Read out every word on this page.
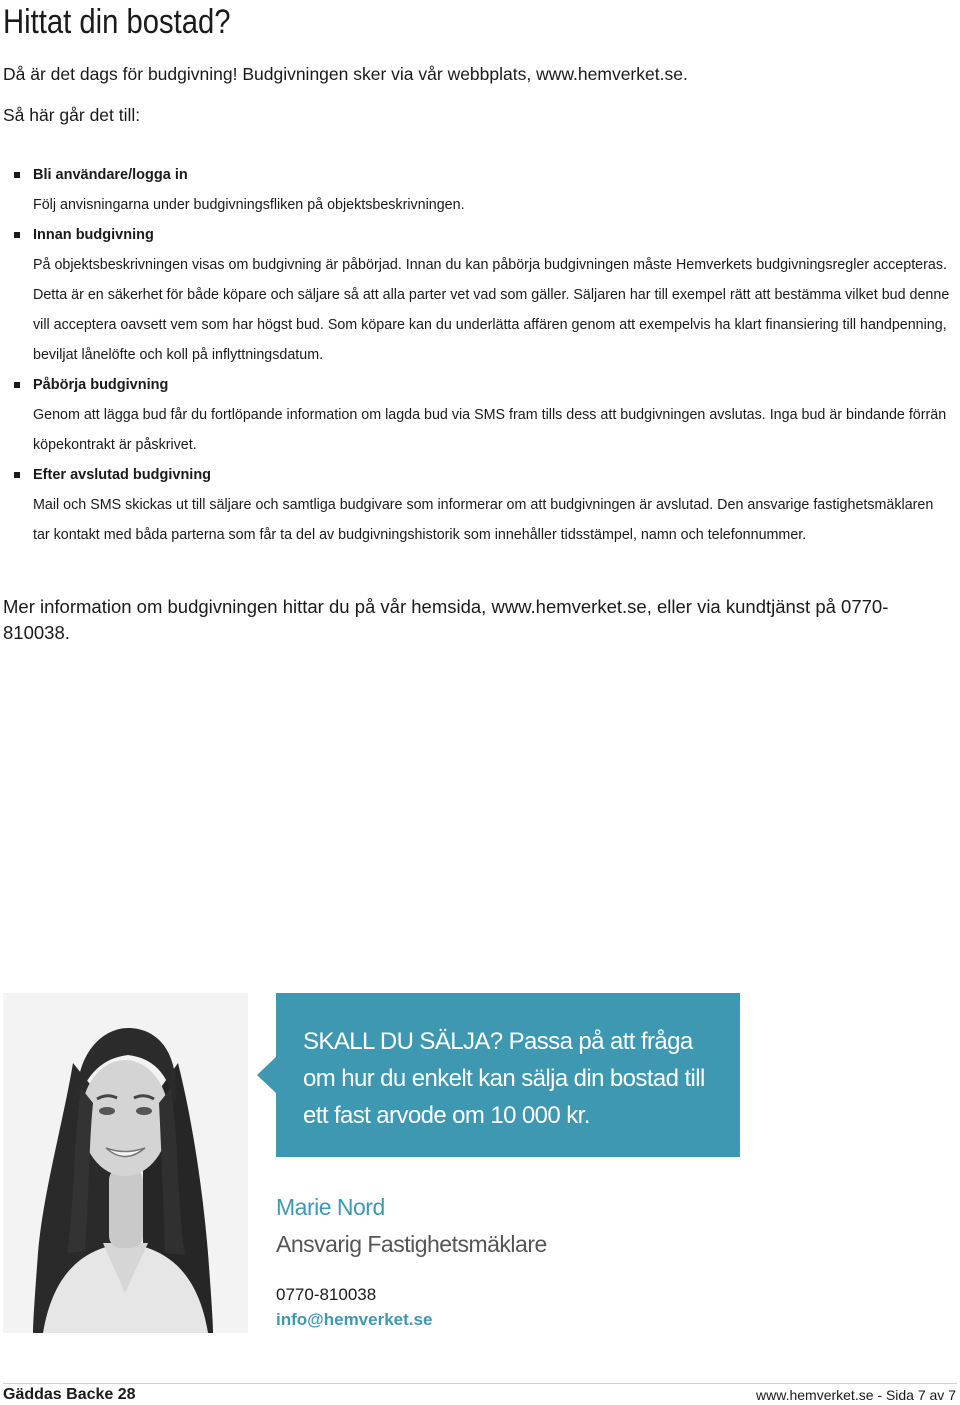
Hittat din bostad?
Då är det dags för budgivning! Budgivningen sker via vår webbplats, www.hemverket.se.
Så här går det till:
Bli användare/logga in
Följ anvisningarna under budgivningsfliken på objektsbeskrivningen.
Innan budgivning
På objektsbeskrivningen visas om budgivning är påbörjad. Innan du kan påbörja budgivningen måste Hemverkets budgivningsregler accepteras. Detta är en säkerhet för både köpare och säljare så att alla parter vet vad som gäller. Säljaren har till exempel rätt att bestämma vilket bud denne vill acceptera oavsett vem som har högst bud. Som köpare kan du underlätta affären genom att exempelvis ha klart finansiering till handpenning, beviljat lånelöfte och koll på inflyttningsdatum.
Påbörja budgivning
Genom att lägga bud får du fortlöpande information om lagda bud via SMS fram tills dess att budgivningen avslutas. Inga bud är bindande förrän köpekontrakt är påskrivet.
Efter avslutad budgivning
Mail och SMS skickas ut till säljare och samtliga budgivare som informerar om att budgivningen är avslutad. Den ansvarige fastighetsmäklaren tar kontakt med båda parterna som får ta del av budgivningshistorik som innehåller tidsstämpel, namn och telefonnummer.
Mer information om budgivningen hittar du på vår hemsida, www.hemverket.se, eller via kundtjänst på 0770-810038.
SKALL DU SÄLJA? Passa på att fråga om hur du enkelt kan sälja din bostad till ett fast arvode om 10 000 kr.
Marie Nord
Ansvarig Fastighetsmäklare
0770-810038
info@hemverket.se
Gäddas Backe 28	www.hemverket.se - Sida 7 av 7
